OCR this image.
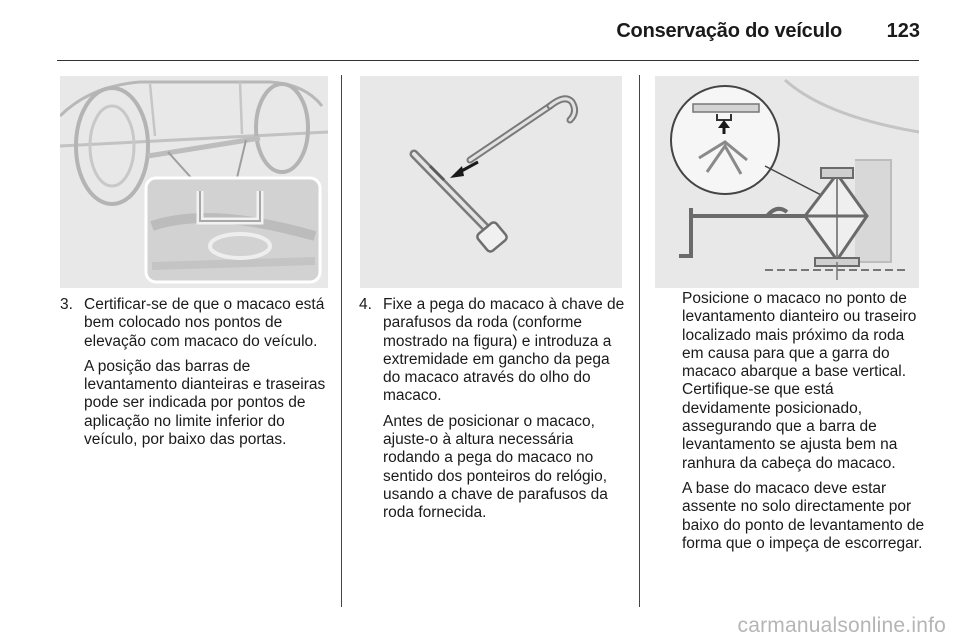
Conservação do veículo 123
3. Certificar-se de que o macaco está bem colocado nos pontos de elevação com macaco do veículo.

A posição das barras de levantamento dianteiras e traseiras pode ser indicada por pontos de aplicação no limite inferior do veículo, por baixo das portas.

4. Fixe a pega do macaco à chave de parafusos da roda (conforme mostrado na figura) e introduza a extremidade em gancho da pega do macaco através do olho do macaco.

Antes de posicionar o macaco, ajuste-o à altura necessária rodando a pega do macaco no sentido dos ponteiros do relógio, usando a chave de parafusos da roda fornecida.

Posicione o macaco no ponto de levantamento dianteiro ou traseiro localizado mais próximo da roda em causa para que a garra do macaco abarque a base vertical. Certifique-se que está devidamente posicionado, assegurando que a barra de levantamento se ajusta bem na ranhura da cabeça do macaco.

A base do macaco deve estar assente no solo directamente por baixo do ponto de levantamento de forma que o impeça de escorregar.

carmanualsonline.info
